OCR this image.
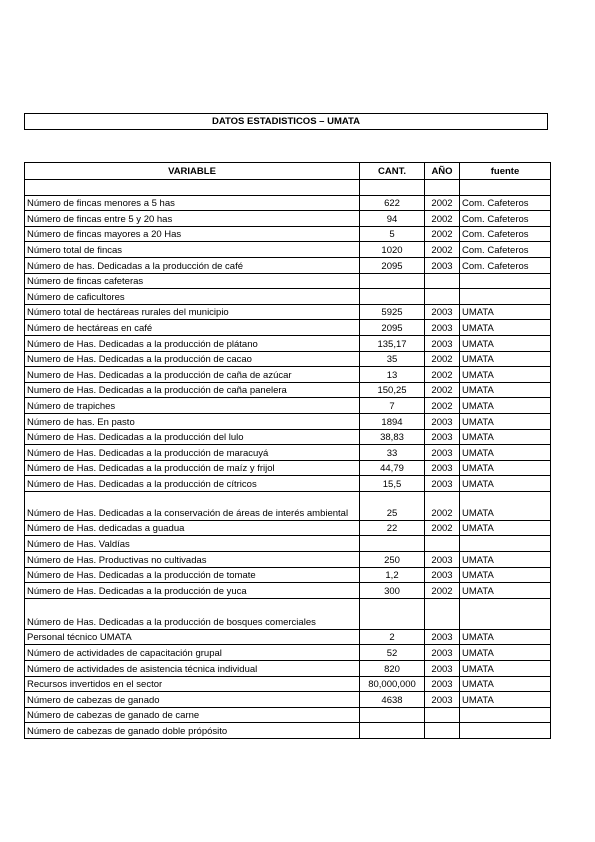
DATOS ESTADISTICOS – UMATA
VARIABLE	CANT.	AÑO	fuente

Número de fincas menores a 5 has	622	2002	Com. Cafeteros
Número de fincas entre 5 y 20 has	94	2002	Com. Cafeteros
Número de fincas mayores a 20 Has	5	2002	Com. Cafeteros
Número total de fincas	1020	2002	Com. Cafeteros
Número de has. Dedicadas a la producción de café	2095	2003	Com. Cafeteros
Número de fincas cafeteras			
Número de caficultores			
Número total de hectáreas rurales del municipio	5925	2003	UMATA
Número de hectáreas en café	2095	2003	UMATA
Número de Has. Dedicadas a la producción de plátano	135,17	2003	UMATA
Numero de Has. Dedicadas a la producción de cacao	35	2002	UMATA
Numero de Has. Dedicadas a la producción de caña de azúcar	13	2002	UMATA
Numero de Has. Dedicadas a la producción de caña panelera	150,25	2002	UMATA
Número de trapiches	7	2002	UMATA
Número de has. En pasto	1894	2003	UMATA
Número de Has. Dedicadas a la producción del lulo	38,83	2003	UMATA
Número de Has. Dedicadas a la producción de maracuyá	33	2003	UMATA
Número de Has. Dedicadas a la producción de maíz y frijol	44,79	2003	UMATA
Número de Has. Dedicadas a la producción de cítricos	15,5	2003	UMATA
Número de Has. Dedicadas a la conservación de áreas de interés ambiental	25	2002	UMATA
Número de Has. dedicadas a guadua	22	2002	UMATA
Número de Has. Valdías			
Número de Has. Productivas no cultivadas	250	2003	UMATA
Número de Has. Dedicadas a la producción de tomate	1,2	2003	UMATA
Número de Has. Dedicadas a la producción de yuca	300	2002	UMATA
Número de Has. Dedicadas a la producción de bosques comerciales			
Personal técnico UMATA	2	2003	UMATA
Número de actividades de capacitación grupal	52	2003	UMATA
Número de actividades de asistencia técnica individual	820	2003	UMATA
Recursos invertidos en el sector	80,000,000	2003	UMATA
Número de cabezas de ganado	4638	2003	UMATA
Número de cabezas de ganado de carne			
Número de cabezas de ganado doble própósito			
